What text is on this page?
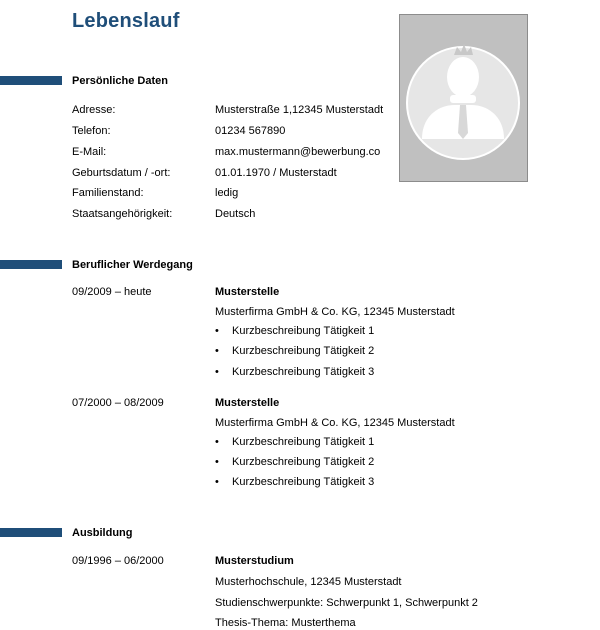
Lebenslauf
Persönliche Daten
Adresse:	Musterstraße 1,12345 Musterstadt
Telefon:	01234 567890
E-Mail:	max.mustermann@bewerbung.co
Geburtsdatum / -ort:	01.01.1970 / Musterstadt
Familienstand:	ledig
Staatsangehörigkeit:	Deutsch
Beruflicher Werdegang
09/2009 – heute	Musterstelle
Musterfirma GmbH & Co. KG, 12345 Musterstadt
• Kurzbeschreibung Tätigkeit 1
• Kurzbeschreibung Tätigkeit 2
• Kurzbeschreibung Tätigkeit 3
07/2000 – 08/2009	Musterstelle
Musterfirma GmbH & Co. KG, 12345 Musterstadt
• Kurzbeschreibung Tätigkeit 1
• Kurzbeschreibung Tätigkeit 2
• Kurzbeschreibung Tätigkeit 3
Ausbildung
09/1996 – 06/2000	Musterstudium
Musterhochschule, 12345 Musterstadt
Studienschwerpunkte: Schwerpunkt 1, Schwerpunkt 2
Thesis-Thema: Musterthema
